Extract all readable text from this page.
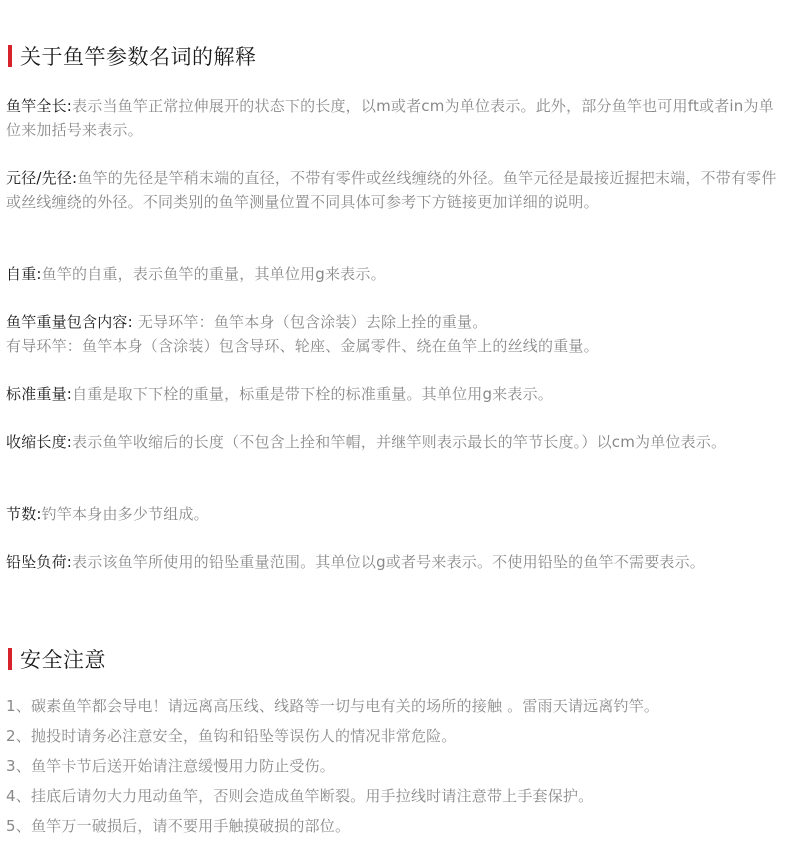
关于鱼竿参数名词的解释
鱼竿全长:表示当鱼竿正常拉伸展开的状态下的长度，以m或者cm为单位表示。此外，部分鱼竿也可用ft或者in为单位来加括号来表示。
元径/先径:鱼竿的先径是竿稍末端的直径，不带有零件或丝线缠绕的外径。鱼竿元径是最接近握把末端，不带有零件或丝线缠绕的外径。不同类别的鱼竿测量位置不同具体可参考下方链接更加详细的说明。
自重:鱼竿的自重，表示鱼竿的重量，其单位用g来表示。
鱼竿重量包含内容: 无导环竿：鱼竿本身（包含涂装）去除上拴的重量。
有导环竿：鱼竿本身（含涂装）包含导环、轮座、金属零件、绕在鱼竿上的丝线的重量。
标准重量:自重是取下下栓的重量，标重是带下栓的标准重量。其单位用g来表示。
收缩长度:表示鱼竿收缩后的长度（不包含上拴和竿帽，并继竿则表示最长的竿节长度。）以cm为单位表示。
节数:钓竿本身由多少节组成。
铅坠负荷:表示该鱼竿所使用的铅坠重量范围。其单位以g或者号来表示。不使用铅坠的鱼竿不需要表示。
安全注意
1、碳素鱼竿都会导电！请远离高压线、线路等一切与电有关的场所的接触 。雷雨天请远离钓竿。
2、抛投时请务必注意安全，鱼钩和铅坠等误伤人的情况非常危险。
3、鱼竿卡节后送开始请注意缓慢用力防止受伤。
4、挂底后请勿大力甩动鱼竿，否则会造成鱼竿断裂。用手拉线时请注意带上手套保护。
5、鱼竿万一破损后，请不要用手触摸破损的部位。
